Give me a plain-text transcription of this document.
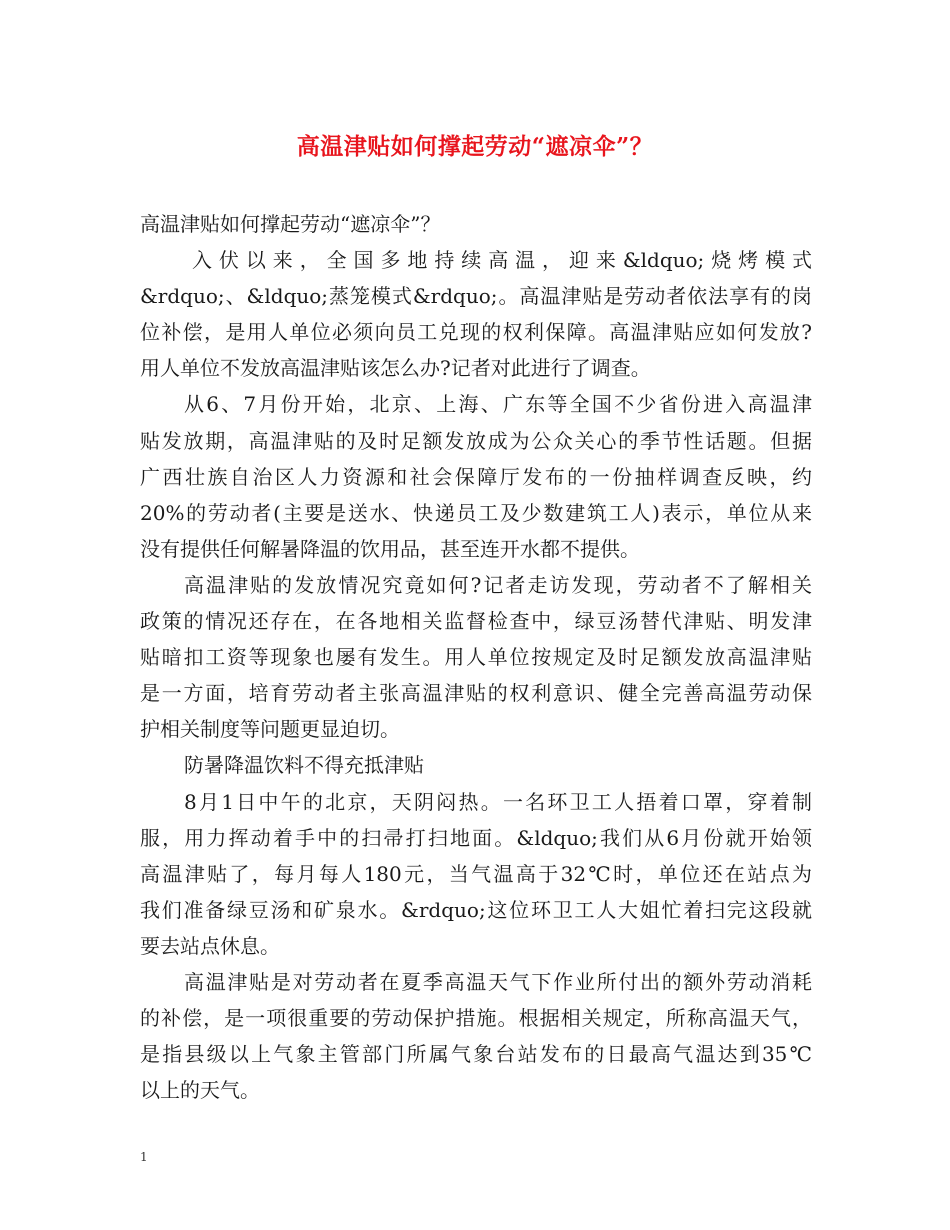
高温津贴如何撑起劳动“遮凉伞”？
高温津贴如何撑起劳动“遮凉伞”？
入伏以来，全国多地持续高温，迎来&ldquo;烧烤模式
&rdquo;、&ldquo;蒸笼模式&rdquo;。高温津贴是劳动者依法享有的岗
位补偿，是用人单位必须向员工兑现的权利保障。高温津贴应如何发放?
用人单位不发放高温津贴该怎么办?记者对此进行了调查。
从6、7月份开始，北京、上海、广东等全国不少省份进入高温津
贴发放期，高温津贴的及时足额发放成为公众关心的季节性话题。但据
广西壮族自治区人力资源和社会保障厅发布的一份抽样调查反映，约
20%的劳动者(主要是送水、快递员工及少数建筑工人)表示，单位从来
没有提供任何解暑降温的饮用品，甚至连开水都不提供。
高温津贴的发放情况究竟如何?记者走访发现，劳动者不了解相关
政策的情况还存在，在各地相关监督检查中，绿豆汤替代津贴、明发津
贴暗扣工资等现象也屡有发生。用人单位按规定及时足额发放高温津贴
是一方面，培育劳动者主张高温津贴的权利意识、健全完善高温劳动保
护相关制度等问题更显迫切。
防暑降温饮料不得充抵津贴
8月1日中午的北京，天阴闷热。一名环卫工人捂着口罩，穿着制
服，用力挥动着手中的扫帚打扫地面。&ldquo;我们从6月份就开始领
高温津贴了，每月每人180元，当气温高于32℃时，单位还在站点为
我们准备绿豆汤和矿泉水。&rdquo;这位环卫工人大姐忙着扫完这段就
要去站点休息。
高温津贴是对劳动者在夏季高温天气下作业所付出的额外劳动消耗
的补偿，是一项很重要的劳动保护措施。根据相关规定，所称高温天气，
是指县级以上气象主管部门所属气象台站发布的日最高气温达到35℃
以上的天气。
1
